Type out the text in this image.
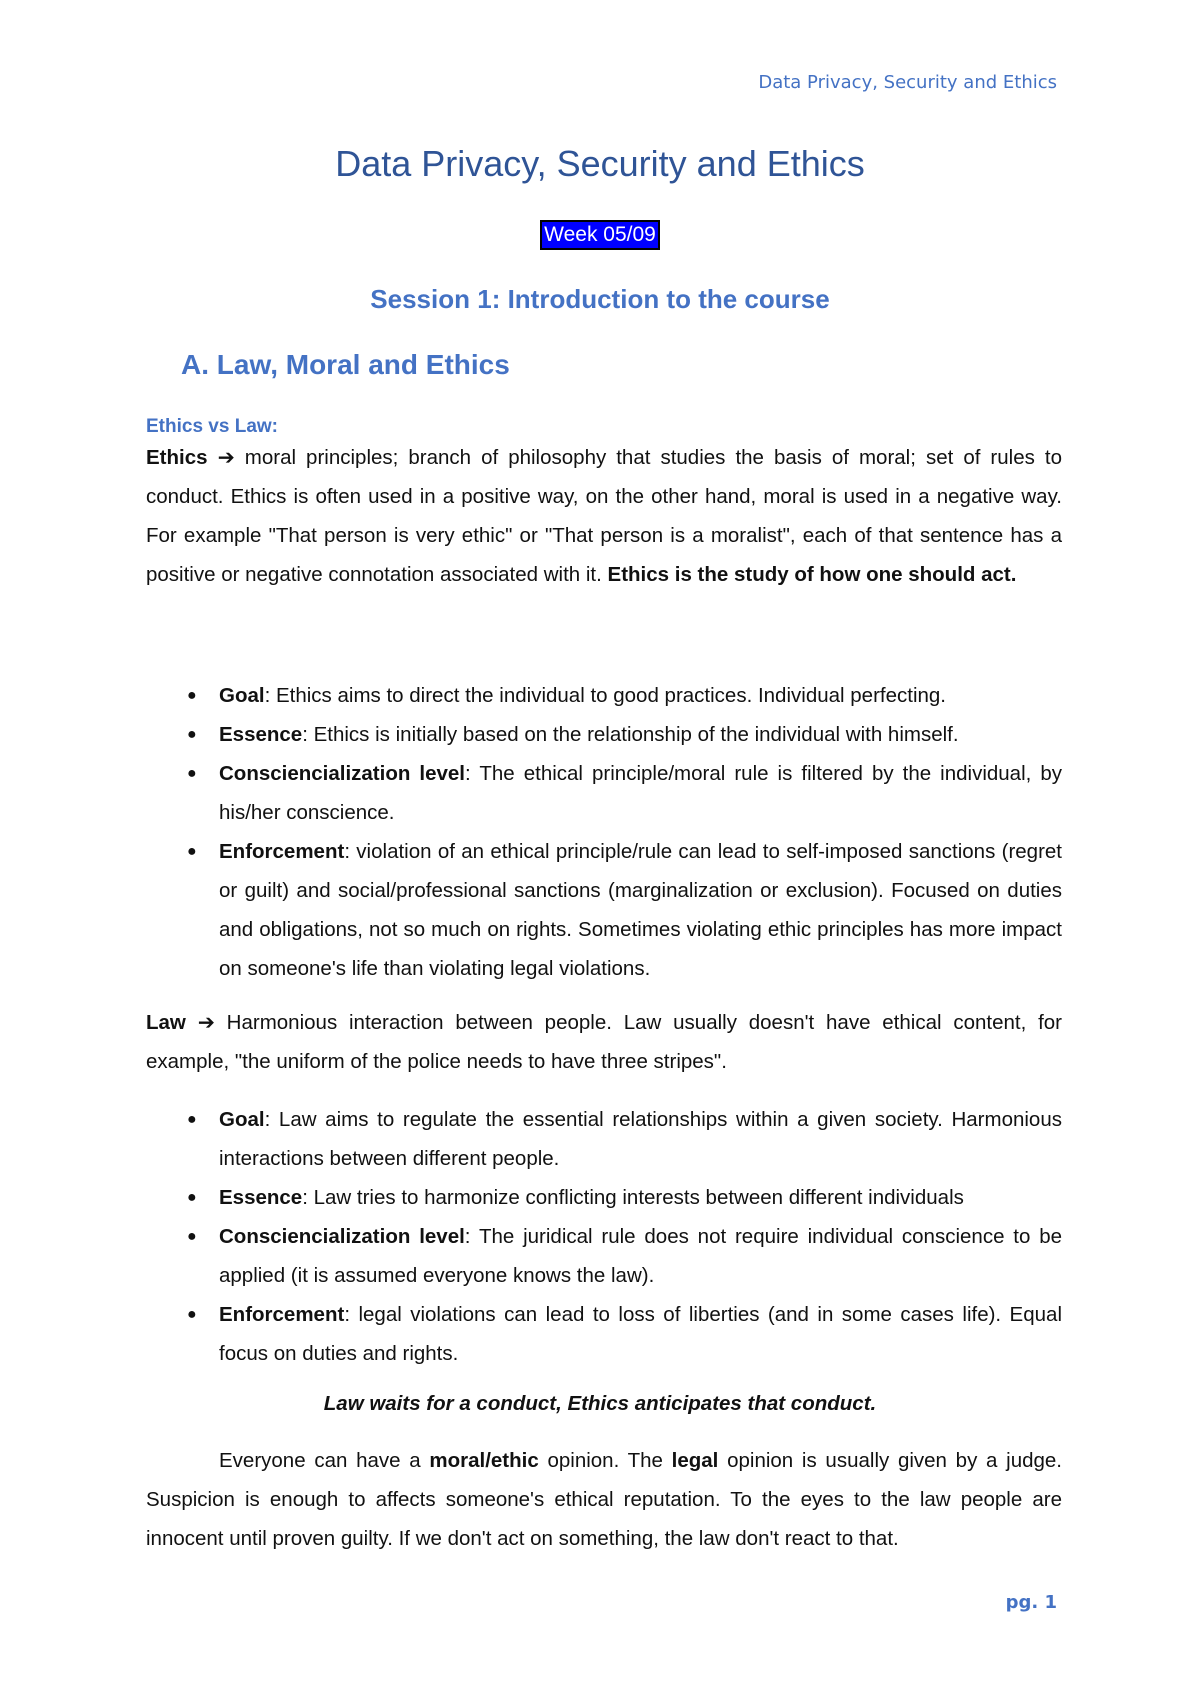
Data Privacy, Security and Ethics
Data Privacy, Security and Ethics
Week 05/09
Session 1: Introduction to the course
A. Law, Moral and Ethics
Ethics vs Law:

Ethics ➔ moral principles; branch of philosophy that studies the basis of moral; set of rules to conduct. Ethics is often used in a positive way, on the other hand, moral is used in a negative way. For example "That person is very ethic" or "That person is a moralist", each of that sentence has a positive or negative connotation associated with it. Ethics is the study of how one should act.

● Goal: Ethics aims to direct the individual to good practices. Individual perfecting.
● Essence: Ethics is initially based on the relationship of the individual with himself.
● Consciencialization level: The ethical principle/moral rule is filtered by the individual, by his/her conscience.
● Enforcement: violation of an ethical principle/rule can lead to self-imposed sanctions (regret or guilt) and social/professional sanctions (marginalization or exclusion). Focused on duties and obligations, not so much on rights. Sometimes violating ethic principles has more impact on someone's life than violating legal violations.

Law ➔ Harmonious interaction between people. Law usually doesn't have ethical content, for example, "the uniform of the police needs to have three stripes".

● Goal: Law aims to regulate the essential relationships within a given society. Harmonious interactions between different people.
● Essence: Law tries to harmonize conflicting interests between different individuals
● Consciencialization level: The juridical rule does not require individual conscience to be applied (it is assumed everyone knows the law).
● Enforcement: legal violations can lead to loss of liberties (and in some cases life). Equal focus on duties and rights.
Law waits for a conduct, Ethics anticipates that conduct.

Everyone can have a moral/ethic opinion. The legal opinion is usually given by a judge. Suspicion is enough to affects someone's ethical reputation. To the eyes to the law people are innocent until proven guilty. If we don't act on something, the law don't react to that.

pg. 1
